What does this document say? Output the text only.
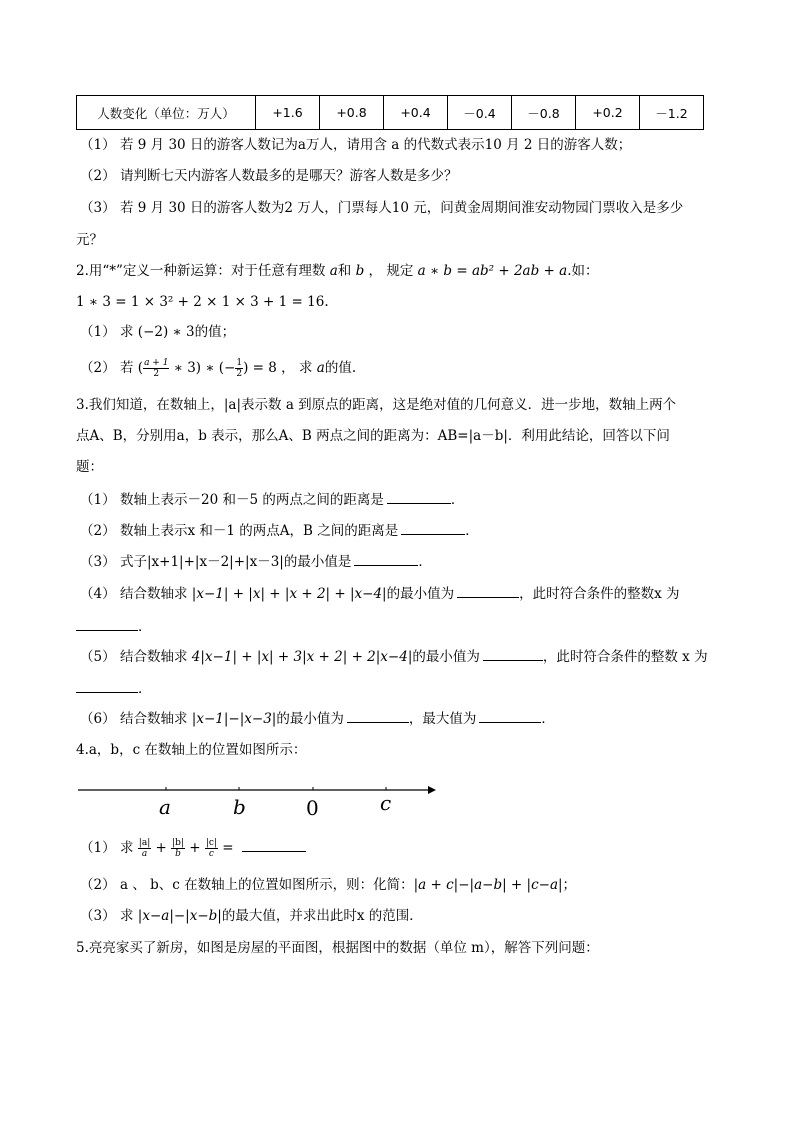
人数变化（单位：万人）	+1.6	+0.8	+0.4	－0.4	－0.8	+0.2	－1.2
（1） 若 9 月 30 日的游客人数记为a万人，请用含 a 的代数式表示10 月 2 日的游客人数；
（2） 请判断七天内游客人数最多的是哪天？游客人数是多少？
（3） 若 9 月 30 日的游客人数为2 万人，门票每人10 元，问黄金周期间淮安动物园门票收入是多少
元？
2.用“*”定义一种新运算：对于任意有理数 a和 b ， 规定 a ∗ b = ab² + 2ab + a.如：
1 ∗ 3 = 1 × 3² + 2 × 1 × 3 + 1 = 16.
（1） 求 (−2) ∗ 3的值；
（2） 若 ( $\frac{a + 1}{2}$ ∗ 3) ∗ (− $\frac{1}{2}$ ) = 8 ， 求 a的值.
3.我们知道，在数轴上，|a|表示数 a 到原点的距离，这是绝对值的几何意义．进一步地，数轴上两个
点A、B，分别用a，b 表示，那么A、B 两点之间的距离为：AB=|a－b|．利用此结论，回答以下问
题：
（1） 数轴上表示－20 和－5 的两点之间的距离是	．
（2） 数轴上表示x 和－1 的两点A，B 之间的距离是	．
（3） 式子|x+1|+|x－2|+|x－3|的最小值是	．
（4） 结合数轴求 |x−1| + |x| + |x + 2| + |x−4|的最小值为	，此时符合条件的整数x 为
．
（5） 结合数轴求 4|x−1| + |x| + 3|x + 2| + 2|x−4|的最小值为	，此时符合条件的整数 x 为
．
（6） 结合数轴求 |x−1|−|x−3|的最小值为	，最大值为	．
4.a，b，c 在数轴上的位置如图所示：
a	b	0	c
（1） 求 $\frac{|a|}{a} + \frac{|b|}{b} + \frac{|c|}{c}$ =
（2） a 、 b、c 在数轴上的位置如图所示，则：化简：|a + c|−|a−b| + |c−a|；
（3） 求 |x−a|−|x−b|的最大值，并求出此时x 的范围．
5.亮亮家买了新房，如图是房屋的平面图，根据图中的数据（单位 m），解答下列问题：
